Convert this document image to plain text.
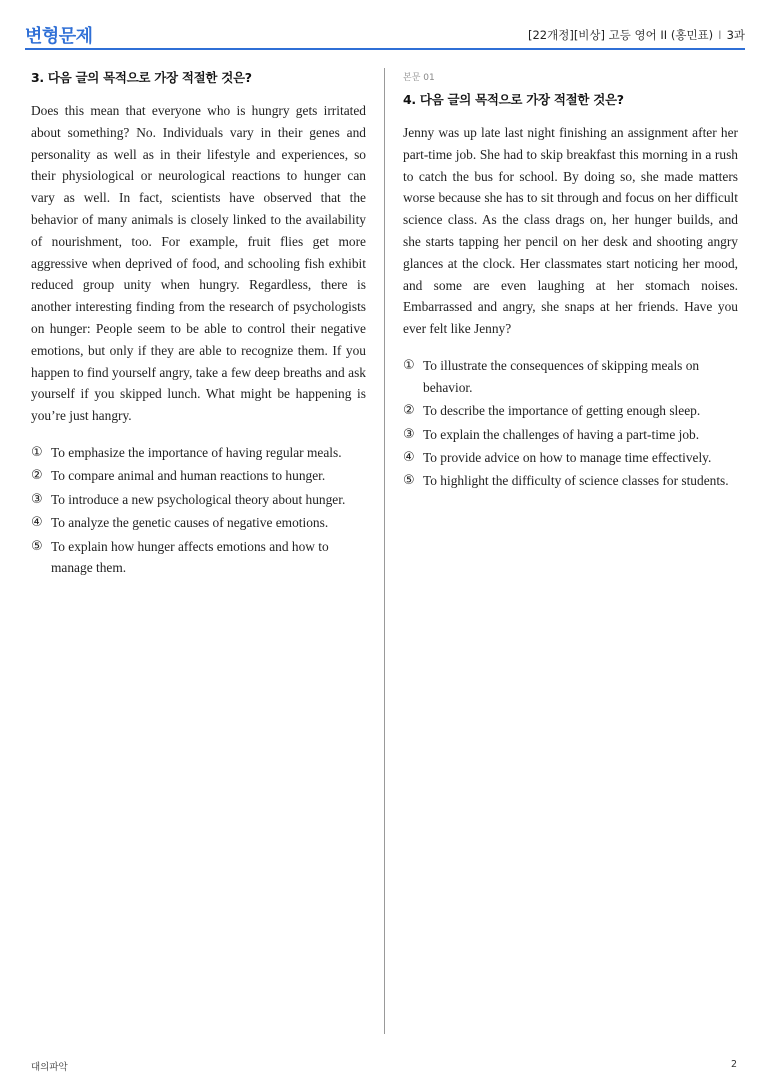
변형문제	[22개정][비상] 고등 영어 II (홍민표) I 3과
3. 다음 글의 목적으로 가장 적절한 것은?
Does this mean that everyone who is hungry gets irritated about something? No. Individuals vary in their genes and personality as well as in their lifestyle and experiences, so their physiological or neurological reactions to hunger can vary as well. In fact, scientists have observed that the behavior of many animals is closely linked to the availability of nourishment, too. For example, fruit flies get more aggressive when deprived of food, and schooling fish exhibit reduced group unity when hungry. Regardless, there is another interesting finding from the research of psychologists on hunger: People seem to be able to control their negative emotions, but only if they are able to recognize them. If you happen to find yourself angry, take a few deep breaths and ask yourself if you skipped lunch. What might be happening is you’re just hangry.
① To emphasize the importance of having regular meals.
② To compare animal and human reactions to hunger.
③ To introduce a new psychological theory about hunger.
④ To analyze the genetic causes of negative emotions.
⑤ To explain how hunger affects emotions and how to manage them.
본문 01
4. 다음 글의 목적으로 가장 적절한 것은?
Jenny was up late last night finishing an assignment after her part-time job. She had to skip breakfast this morning in a rush to catch the bus for school. By doing so, she made matters worse because she has to sit through and focus on her difficult science class. As the class drags on, her hunger builds, and she starts tapping her pencil on her desk and shooting angry glances at the clock. Her classmates start noticing her mood, and some are even laughing at her stomach noises. Embarrassed and angry, she snaps at her friends. Have you ever felt like Jenny?
① To illustrate the consequences of skipping meals on behavior.
② To describe the importance of getting enough sleep.
③ To explain the challenges of having a part-time job.
④ To provide advice on how to manage time effectively.
⑤ To highlight the difficulty of science classes for students.
대의파악	2
